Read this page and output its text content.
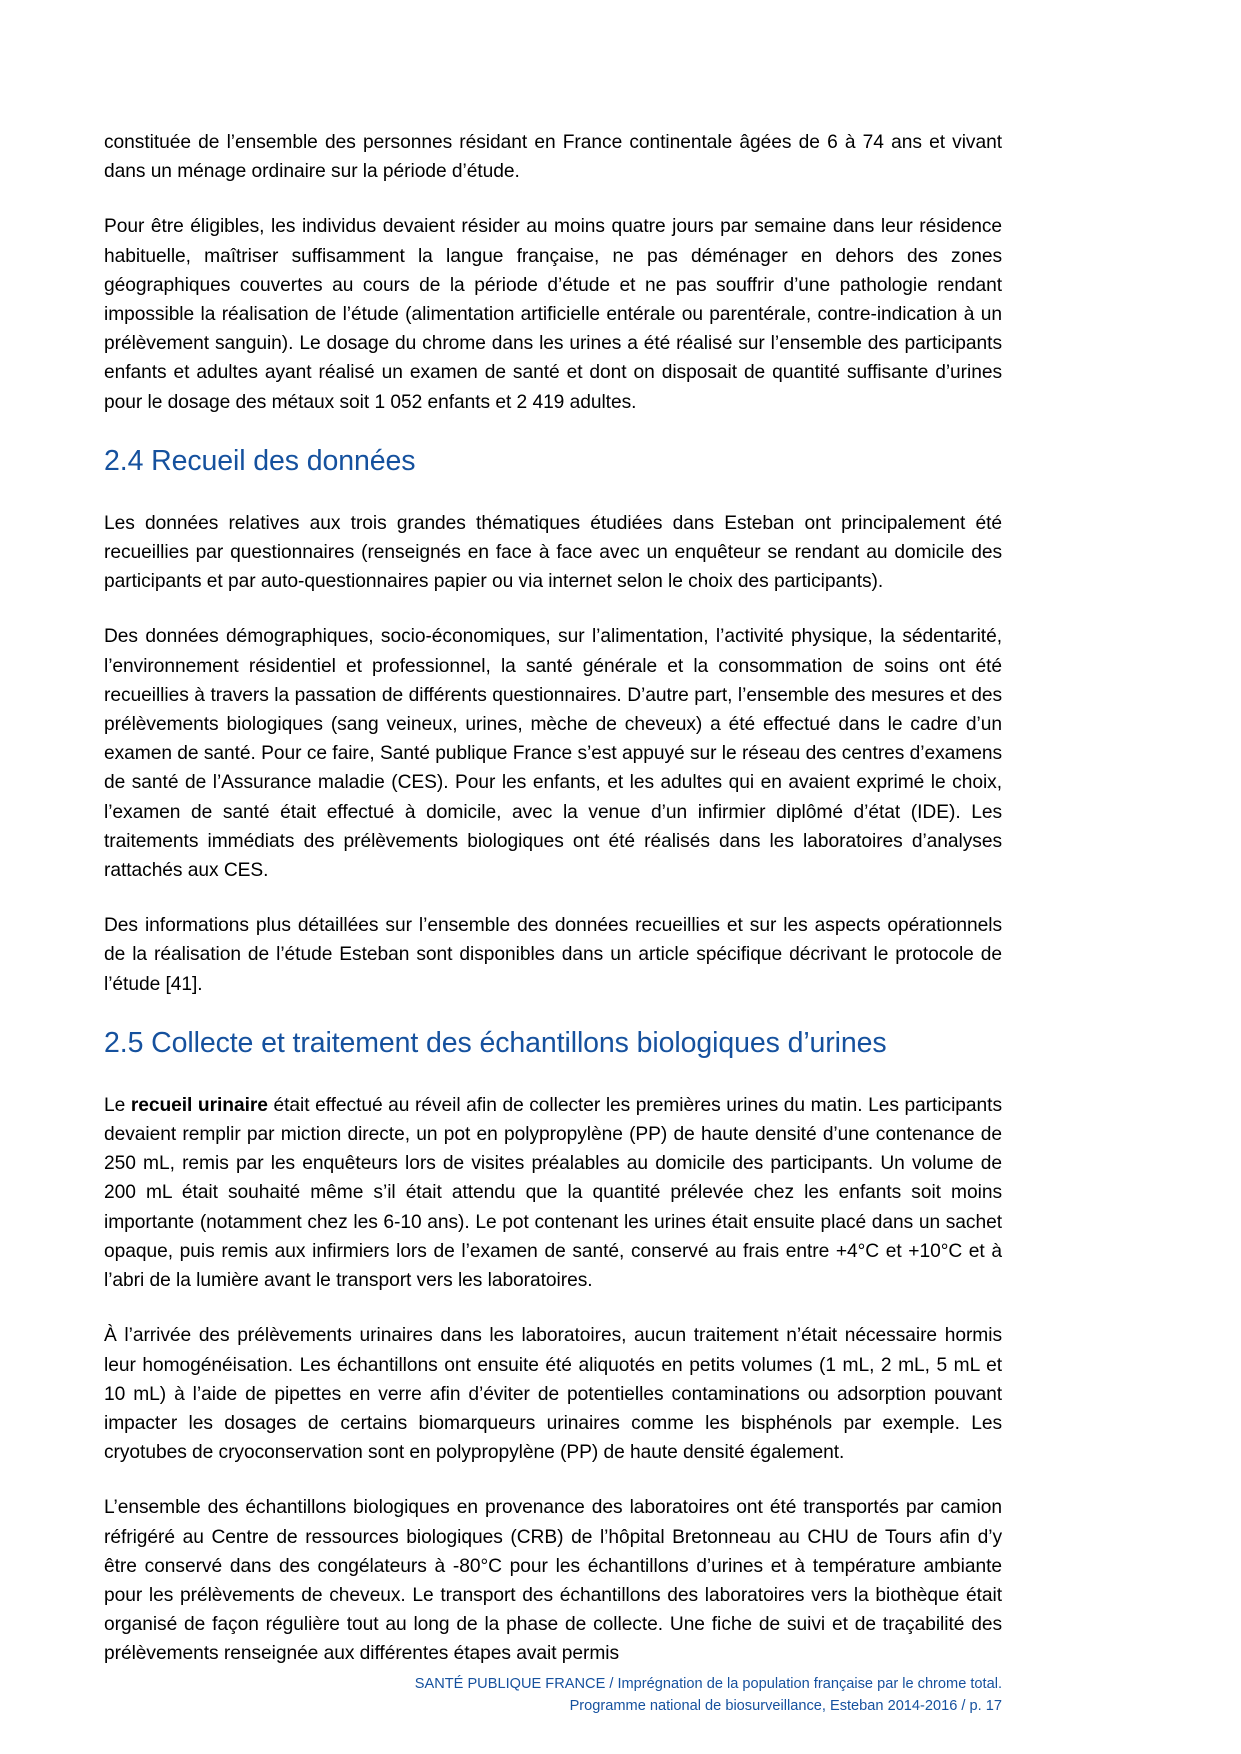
constituée de l’ensemble des personnes résidant en France continentale âgées de 6 à 74 ans et vivant dans un ménage ordinaire sur la période d’étude.

Pour être éligibles, les individus devaient résider au moins quatre jours par semaine dans leur résidence habituelle, maîtriser suffisamment la langue française, ne pas déménager en dehors des zones géographiques couvertes au cours de la période d’étude et ne pas souffrir d’une pathologie rendant impossible la réalisation de l’étude (alimentation artificielle entérale ou parentérale, contre-indication à un prélèvement sanguin). Le dosage du chrome dans les urines a été réalisé sur l’ensemble des participants enfants et adultes ayant réalisé un examen de santé et dont on disposait de quantité suffisante d’urines pour le dosage des métaux soit 1 052 enfants et 2 419 adultes.

2.4 Recueil des données

Les données relatives aux trois grandes thématiques étudiées dans Esteban ont principalement été recueillies par questionnaires (renseignés en face à face avec un enquêteur se rendant au domicile des participants et par auto-questionnaires papier ou via internet selon le choix des participants).

Des données démographiques, socio-économiques, sur l’alimentation, l’activité physique, la sédentarité, l’environnement résidentiel et professionnel, la santé générale et la consommation de soins ont été recueillies à travers la passation de différents questionnaires. D’autre part, l’ensemble des mesures et des prélèvements biologiques (sang veineux, urines, mèche de cheveux) a été effectué dans le cadre d’un examen de santé. Pour ce faire, Santé publique France s’est appuyé sur le réseau des centres d’examens de santé de l’Assurance maladie (CES). Pour les enfants, et les adultes qui en avaient exprimé le choix, l’examen de santé était effectué à domicile, avec la venue d’un infirmier diplômé d’état (IDE). Les traitements immédiats des prélèvements biologiques ont été réalisés dans les laboratoires d’analyses rattachés aux CES.

Des informations plus détaillées sur l’ensemble des données recueillies et sur les aspects opérationnels de la réalisation de l’étude Esteban sont disponibles dans un article spécifique décrivant le protocole de l’étude [41].

2.5 Collecte et traitement des échantillons biologiques d’urines

Le recueil urinaire était effectué au réveil afin de collecter les premières urines du matin. Les participants devaient remplir par miction directe, un pot en polypropylène (PP) de haute densité d’une contenance de 250 mL, remis par les enquêteurs lors de visites préalables au domicile des participants. Un volume de 200 mL était souhaité même s’il était attendu que la quantité prélevée chez les enfants soit moins importante (notamment chez les 6-10 ans). Le pot contenant les urines était ensuite placé dans un sachet opaque, puis remis aux infirmiers lors de l’examen de santé, conservé au frais entre +4°C et +10°C et à l’abri de la lumière avant le transport vers les laboratoires.

À l’arrivée des prélèvements urinaires dans les laboratoires, aucun traitement n’était nécessaire hormis leur homogénéisation. Les échantillons ont ensuite été aliquotés en petits volumes (1 mL, 2 mL, 5 mL et 10 mL) à l’aide de pipettes en verre afin d’éviter de potentielles contaminations ou adsorption pouvant impacter les dosages de certains biomarqueurs urinaires comme les bisphénols par exemple. Les cryotubes de cryoconservation sont en polypropylène (PP) de haute densité également.

L’ensemble des échantillons biologiques en provenance des laboratoires ont été transportés par camion réfrigéré au Centre de ressources biologiques (CRB) de l’hôpital Bretonneau au CHU de Tours afin d’y être conservé dans des congélateurs à -80°C pour les échantillons d’urines et à température ambiante pour les prélèvements de cheveux. Le transport des échantillons des laboratoires vers la biothèque était organisé de façon régulière tout au long de la phase de collecte. Une fiche de suivi et de traçabilité des prélèvements renseignée aux différentes étapes avait permis

SANTÉ PUBLIQUE FRANCE / Imprégnation de la population française par le chrome total.
Programme national de biosurveillance, Esteban 2014-2016 / p. 17
